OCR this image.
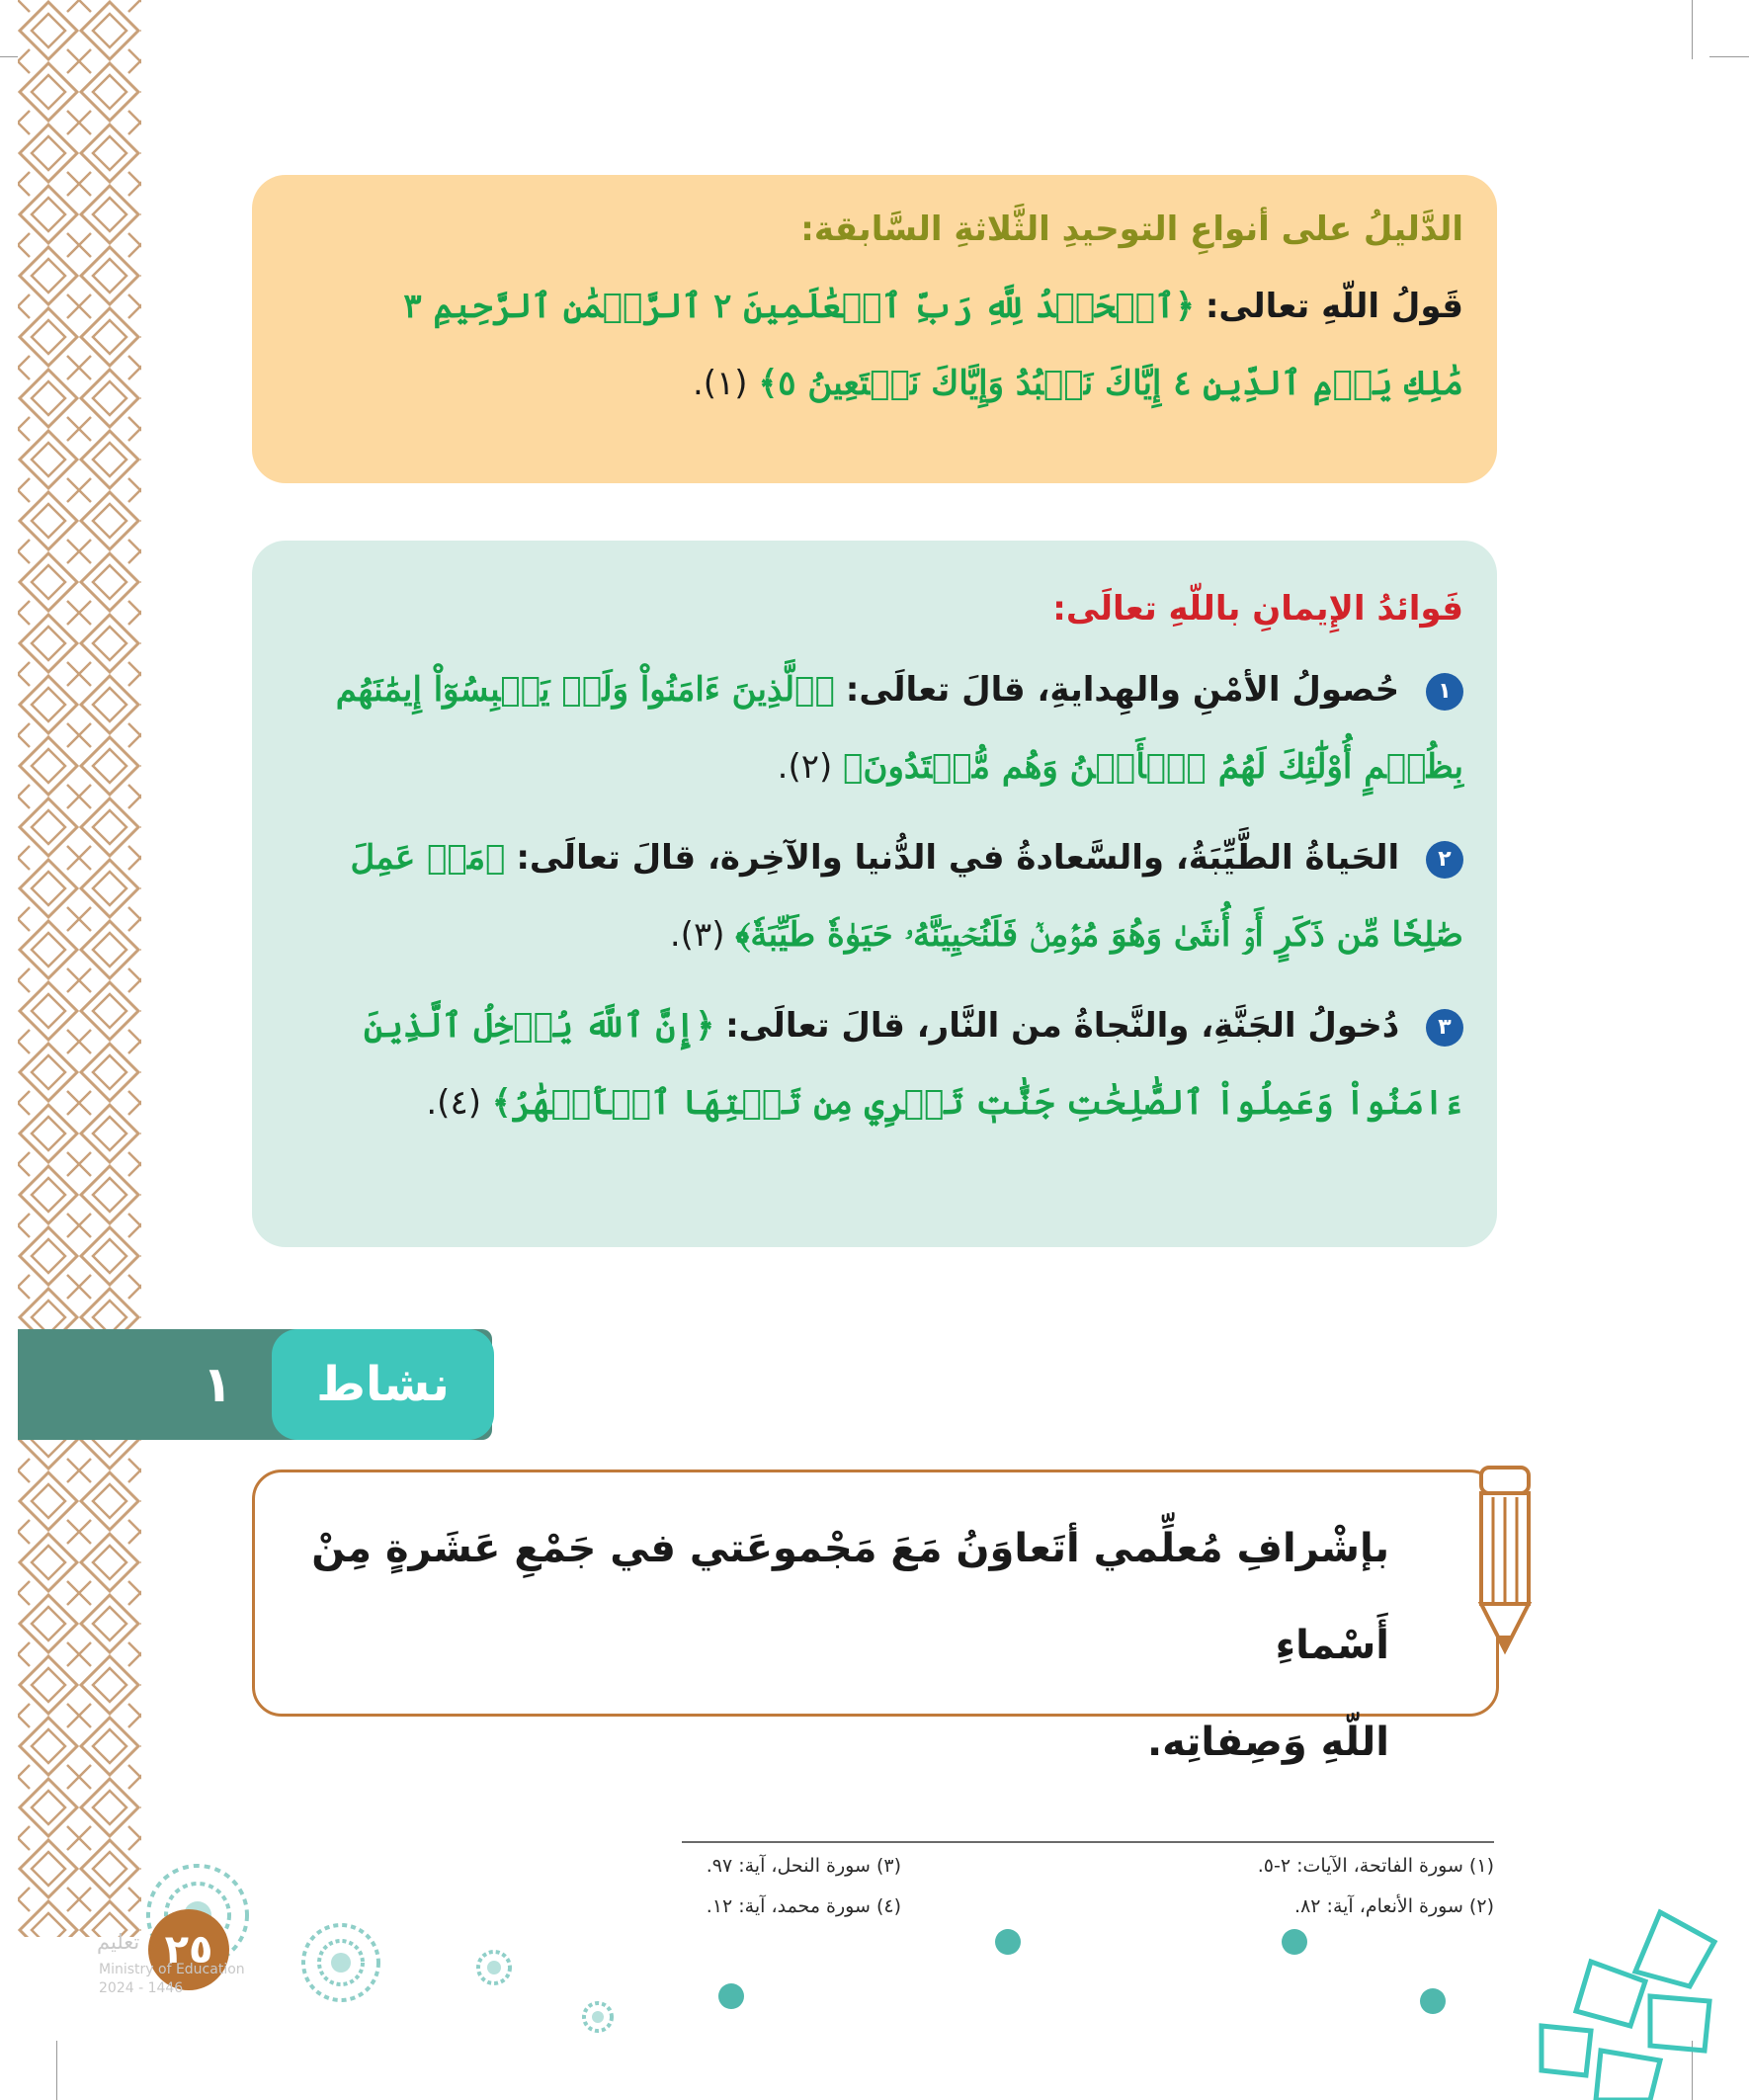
الدَّليلُ على أنواعِ التوحيدِ الثَّلاثةِ السَّابقة:
قَولُ اللّهِ تعالى: ﴿ٱلۡحَمۡدُ لِلَّهِ رَبِّ ٱلۡعَٰلَمِينَ ٢ ٱلرَّحۡمَٰنِ ٱلرَّحِيمِ ٣
مَٰلِكِ يَوۡمِ ٱلدِّينِ ٤ إِيَّاكَ نَعۡبُدُ وَإِيَّاكَ نَسۡتَعِينُ ٥﴾ (١).
فَوائدُ الإِيمانِ باللّهِ تعالَى:
١ حُصولُ الأمْنِ والهِدايةِ، قالَ تعالَى: ﴿ٱلَّذِينَ ءَامَنُواْ وَلَمۡ يَلۡبِسُوٓاْ إِيمَٰنَهُم
بِظُلۡمٍ أُوْلَٰٓئِكَ لَهُمُ ٱلۡأَمۡنُ وَهُم مُّهۡتَدُونَ﴾ (٢).
٢ الحَياةُ الطَّيِّبَةُ، والسَّعادةُ في الدُّنيا والآخِرة، قالَ تعالَى: ﴿مَنۡ عَمِلَ
صَٰلِحٗا مِّن ذَكَرٍ أَوۡ أُنثَىٰ وَهُوَ مُؤۡمِنٞ فَلَنُحۡيِيَنَّهُۥ حَيَوٰةٗ طَيِّبَةٗ﴾ (٣).
٣ دُخولُ الجَنَّةِ، والنَّجاةُ من النَّار، قالَ تعالَى: ﴿إِنَّ ٱللَّهَ يُدۡخِلُ ٱلَّذِينَ
ءَامَنُواْ وَعَمِلُواْ ٱلصَّٰلِحَٰتِ جَنَّٰتٖ تَجۡرِي مِن تَحۡتِهَا ٱلۡأَنۡهَٰرُ﴾ (٤).
١	نشاط
بإشْرافِ مُعلِّمي أتَعاوَنُ مَعَ مَجْموعَتي في جَمْعِ عَشَرةٍ مِنْ أَسْماءِ
اللّهِ وَصِفاتِه.
(١) سورة الفاتحة، الآيات: ٢-٥.
(٢) سورة الأنعام، آية: ٨٢.
(٣) سورة النحل، آية: ٩٧.
(٤) سورة محمد، آية: ١٢.
٢٥
تعليم
Ministry of Education
2024 - 1446
